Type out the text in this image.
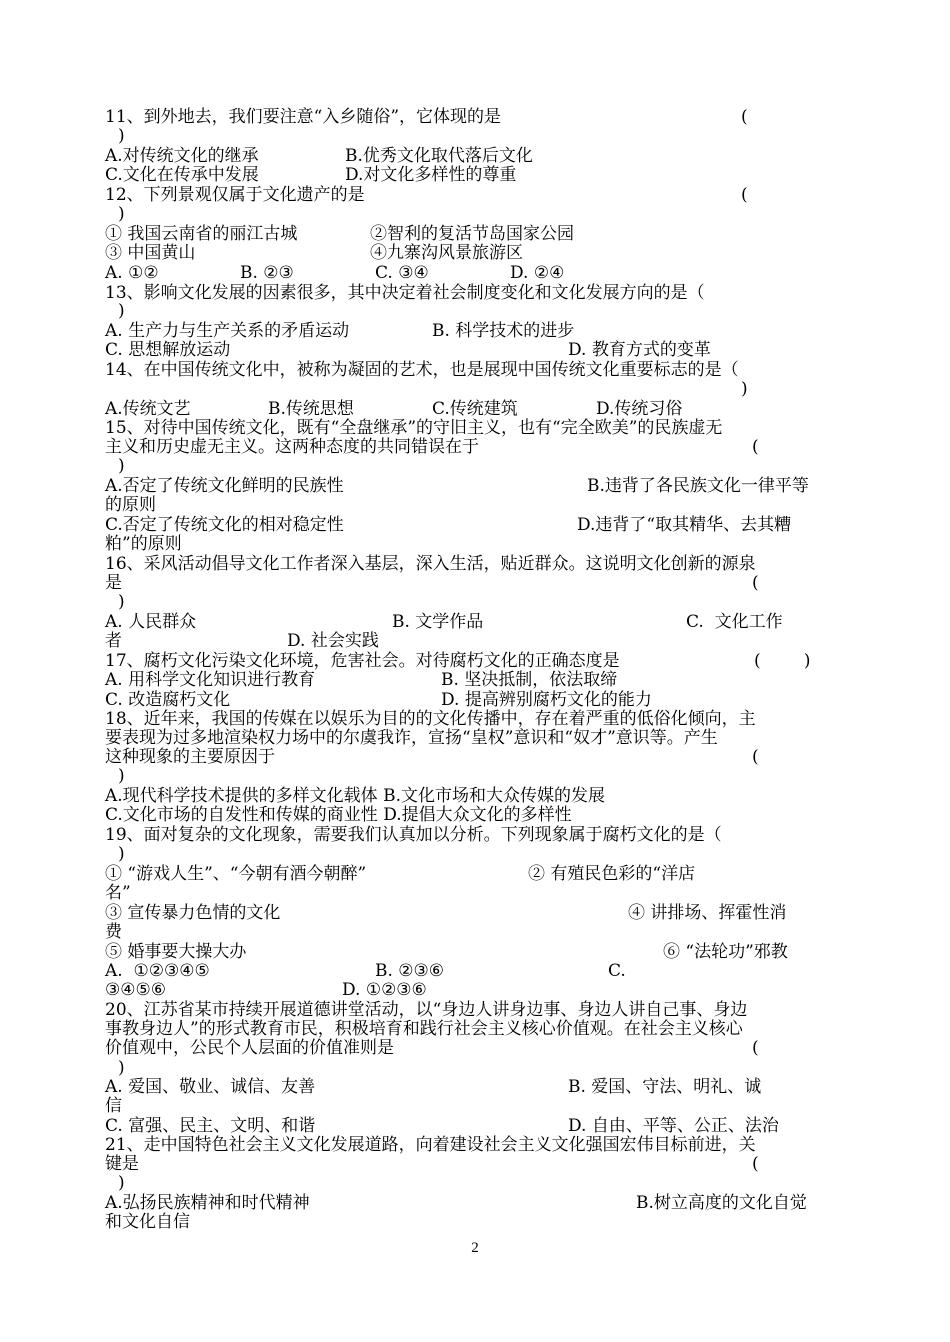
11、到外地去，我们要注意“入乡随俗”，它体现的是	(
)
A.对传统文化的继承	B.优秀文化取代落后文化
C.文化在传承中发展	D.对文化多样性的尊重
12、下列景观仅属于文化遗产的是	(
)
① 我国云南省的丽江古城	②智利的复活节岛国家公园
③ 中国黄山	④九寨沟风景旅游区
A. ①②	B. ②③	C. ③④	D. ②④
13、影响文化发展的因素很多，其中决定着社会制度变化和文化发展方向的是（
)
A. 生产力与生产关系的矛盾运动	B. 科学技术的进步
C. 思想解放运动	D. 教育方式的变革
14、在中国传统文化中，被称为凝固的艺术，也是展现中国传统文化重要标志的是（
)
A.传统文艺	B.传统思想	C.传统建筑	D.传统习俗
15、对待中国传统文化，既有“全盘继承”的守旧主义，也有“完全欧美”的民族虚无
主义和历史虚无主义。这两种态度的共同错误在于	(
)
A.否定了传统文化鲜明的民族性	B.违背了各民族文化一律平等
的原则
C.否定了传统文化的相对稳定性	D.违背了“取其精华、去其糟
粕”的原则
16、采风活动倡导文化工作者深入基层，深入生活，贴近群众。这说明文化创新的源泉
是	(
)
A. 人民群众	B. 文学作品	C.  文化工作
者	D. 社会实践
17、腐朽文化污染文化环境，危害社会。对待腐朽文化的正确态度是	(        )
A. 用科学文化知识进行教育	B. 坚决抵制，依法取缔
C. 改造腐朽文化	D. 提高辨别腐朽文化的能力
18、近年来，我国的传媒在以娱乐为目的的文化传播中，存在着严重的低俗化倾向，主
要表现为过多地渲染权力场中的尔虞我诈，宣扬“皇权”意识和“奴才”意识等。产生
这种现象的主要原因于	(
)
A.现代科学技术提供的多样文化载体 B.文化市场和大众传媒的发展
C.文化市场的自发性和传媒的商业性 D.提倡大众文化的多样性
19、面对复杂的文化现象，需要我们认真加以分析。下列现象属于腐朽文化的是（
)
① “游戏人生”、“今朝有酒今朝醉”	② 有殖民色彩的“洋店
名”
③ 宣传暴力色情的文化	④ 讲排场、挥霍性消
费
⑤ 婚事要大操大办	⑥ “法轮功”邪教
A.  ①②③④⑤	B. ②③⑥	C.
③④⑤⑥	D. ①②③⑥
20、江苏省某市持续开展道德讲堂活动，以“身边人讲身边事、身边人讲自己事、身边
事教身边人”的形式教育市民，积极培育和践行社会主义核心价值观。在社会主义核心
价值观中，公民个人层面的价值准则是	(
)
A. 爱国、敬业、诚信、友善	B. 爱国、守法、明礼、诚
信
C. 富强、民主、文明、和谐	D. 自由、平等、公正、法治
21、走中国特色社会主义文化发展道路，向着建设社会主义文化强国宏伟目标前进，关
键是	(
)
A.弘扬民族精神和时代精神	B.树立高度的文化自觉
和文化自信
2
